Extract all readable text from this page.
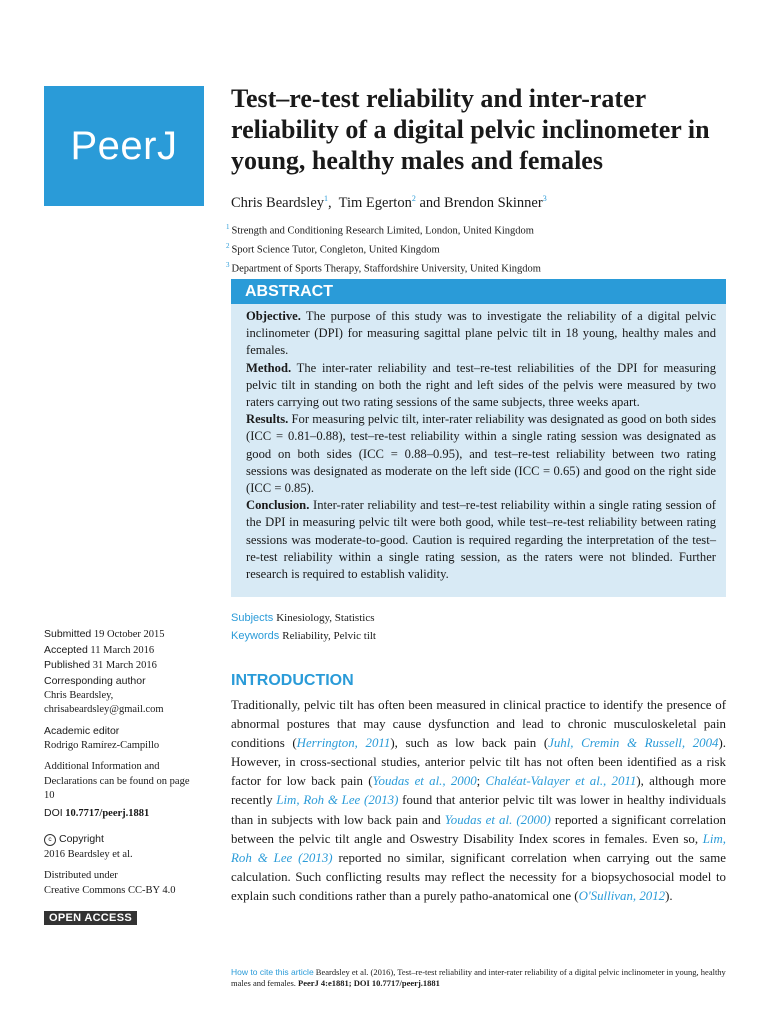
PeerJ
Test–re-test reliability and inter-rater reliability of a digital pelvic inclinometer in young, healthy males and females
Chris Beardsley$^1$, Tim Egerton$^2$ and Brendon Skinner$^3$
$^1$ Strength and Conditioning Research Limited, London, United Kingdom
$^2$ Sport Science Tutor, Congleton, United Kingdom
$^3$ Department of Sports Therapy, Staffordshire University, United Kingdom
ABSTRACT

Objective. The purpose of this study was to investigate the reliability of a digital pelvic inclinometer (DPI) for measuring sagittal plane pelvic tilt in 18 young, healthy males and females.

Method. The inter-rater reliability and test–re-test reliabilities of the DPI for measuring pelvic tilt in standing on both the right and left sides of the pelvis were measured by two raters carrying out two rating sessions of the same subjects, three weeks apart.

Results. For measuring pelvic tilt, inter-rater reliability was designated as good on both sides (ICC = 0.81–0.88), test–re-test reliability within a single rating session was designated as good on both sides (ICC = 0.88–0.95), and test–re-test reliability between two rating sessions was designated as moderate on the left side (ICC = 0.65) and good on the right side (ICC = 0.85).

Conclusion. Inter-rater reliability and test–re-test reliability within a single rating session of the DPI in measuring pelvic tilt were both good, while test–re-test reliability between rating sessions was moderate-to-good. Caution is required regarding the interpretation of the test–re-test reliability within a single rating session, as the raters were not blinded. Further research is required to establish validity.

Subjects Kinesiology, Statistics
Keywords Reliability, Pelvic tilt
Submitted 19 October 2015
Accepted 11 March 2016
Published 31 March 2016
Corresponding author
Chris Beardsley,
chrisabeardsley@gmail.com
Academic editor
Rodrigo Ramírez-Campillo
Additional Information and Declarations can be found on page 10
DOI 10.7717/peerj.1881
c Copyright
2016 Beardsley et al.
Distributed under
Creative Commons CC-BY 4.0
OPEN ACCESS
INTRODUCTION

Traditionally, pelvic tilt has often been measured in clinical practice to identify the presence of abnormal postures that may cause dysfunction and lead to chronic musculoskeletal pain conditions (Herrington, 2011), such as low back pain (Juhl, Cremin & Russell, 2004). However, in cross-sectional studies, anterior pelvic tilt has not often been identified as a risk factor for low back pain (Youdas et al., 2000; Chaléat-Valayer et al., 2011), although more recently Lim, Roh & Lee (2013) found that anterior pelvic tilt was lower in healthy individuals than in subjects with low back pain and Youdas et al. (2000) reported a significant correlation between the pelvic tilt angle and Oswestry Disability Index scores in females. Even so, Lim, Roh & Lee (2013) reported no similar, significant correlation when carrying out the same calculation. Such conflicting results may reflect the necessity for a biopsychosocial model to explain such conditions rather than a purely patho-anatomical one (O'Sullivan, 2012).

How to cite this article Beardsley et al. (2016), Test–re-test reliability and inter-rater reliability of a digital pelvic inclinometer in young, healthy males and females. PeerJ 4:e1881; DOI 10.7717/peerj.1881
